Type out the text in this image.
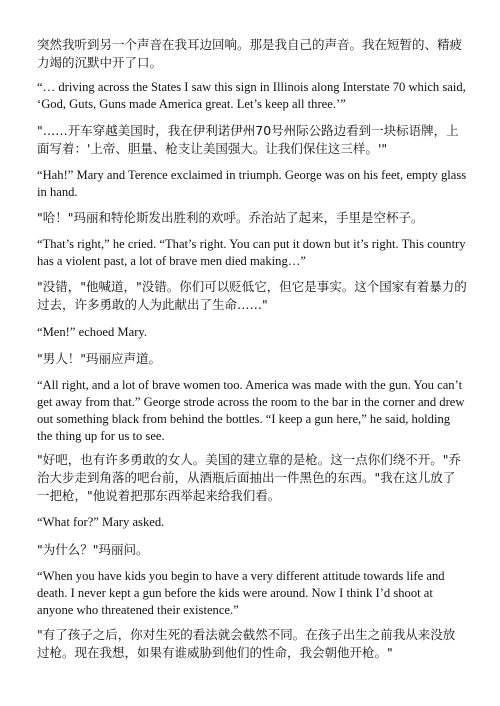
突然我听到另一个声音在我耳边回响。那是我自己的声音。我在短暂的、精疲力竭的沉默中开了口。

“… driving across the States I saw this sign in Illinois along Interstate 70 which said, ‘God, Guts, Guns made America great. Let’s keep all three.’”

"……开车穿越美国时，我在伊利诺伊州70号州际公路边看到一块标语牌，上面写着：'上帝、胆量、枪支让美国强大。让我们保住这三样。'"

“Hah!” Mary and Terence exclaimed in triumph. George was on his feet, empty glass in hand.

"哈！"玛丽和特伦斯发出胜利的欢呼。乔治站了起来，手里是空杯子。

“That’s right,” he cried. “That’s right. You can put it down but it’s right. This country has a violent past, a lot of brave men died making…”

"没错，"他喊道，"没错。你们可以贬低它，但它是事实。这个国家有着暴力的过去，许多勇敢的人为此献出了生命……"

“Men!” echoed Mary.

"男人！"玛丽应声道。

“All right, and a lot of brave women too. America was made with the gun. You can’t get away from that.” George strode across the room to the bar in the corner and drew out something black from behind the bottles. “I keep a gun here,” he said, holding the thing up for us to see.

"好吧，也有许多勇敢的女人。美国的建立靠的是枪。这一点你们绕不开。"乔治大步走到角落的吧台前，从酒瓶后面抽出一件黑色的东西。"我在这儿放了一把枪，"他说着把那东西举起来给我们看。

“What for?” Mary asked.

"为什么？"玛丽问。

“When you have kids you begin to have a very different attitude towards life and death. I never kept a gun before the kids were around. Now I think I’d shoot at anyone who threatened their existence.”

"有了孩子之后，你对生死的看法就会截然不同。在孩子出生之前我从来没放过枪。现在我想，如果有谁威胁到他们的性命，我会朝他开枪。"
